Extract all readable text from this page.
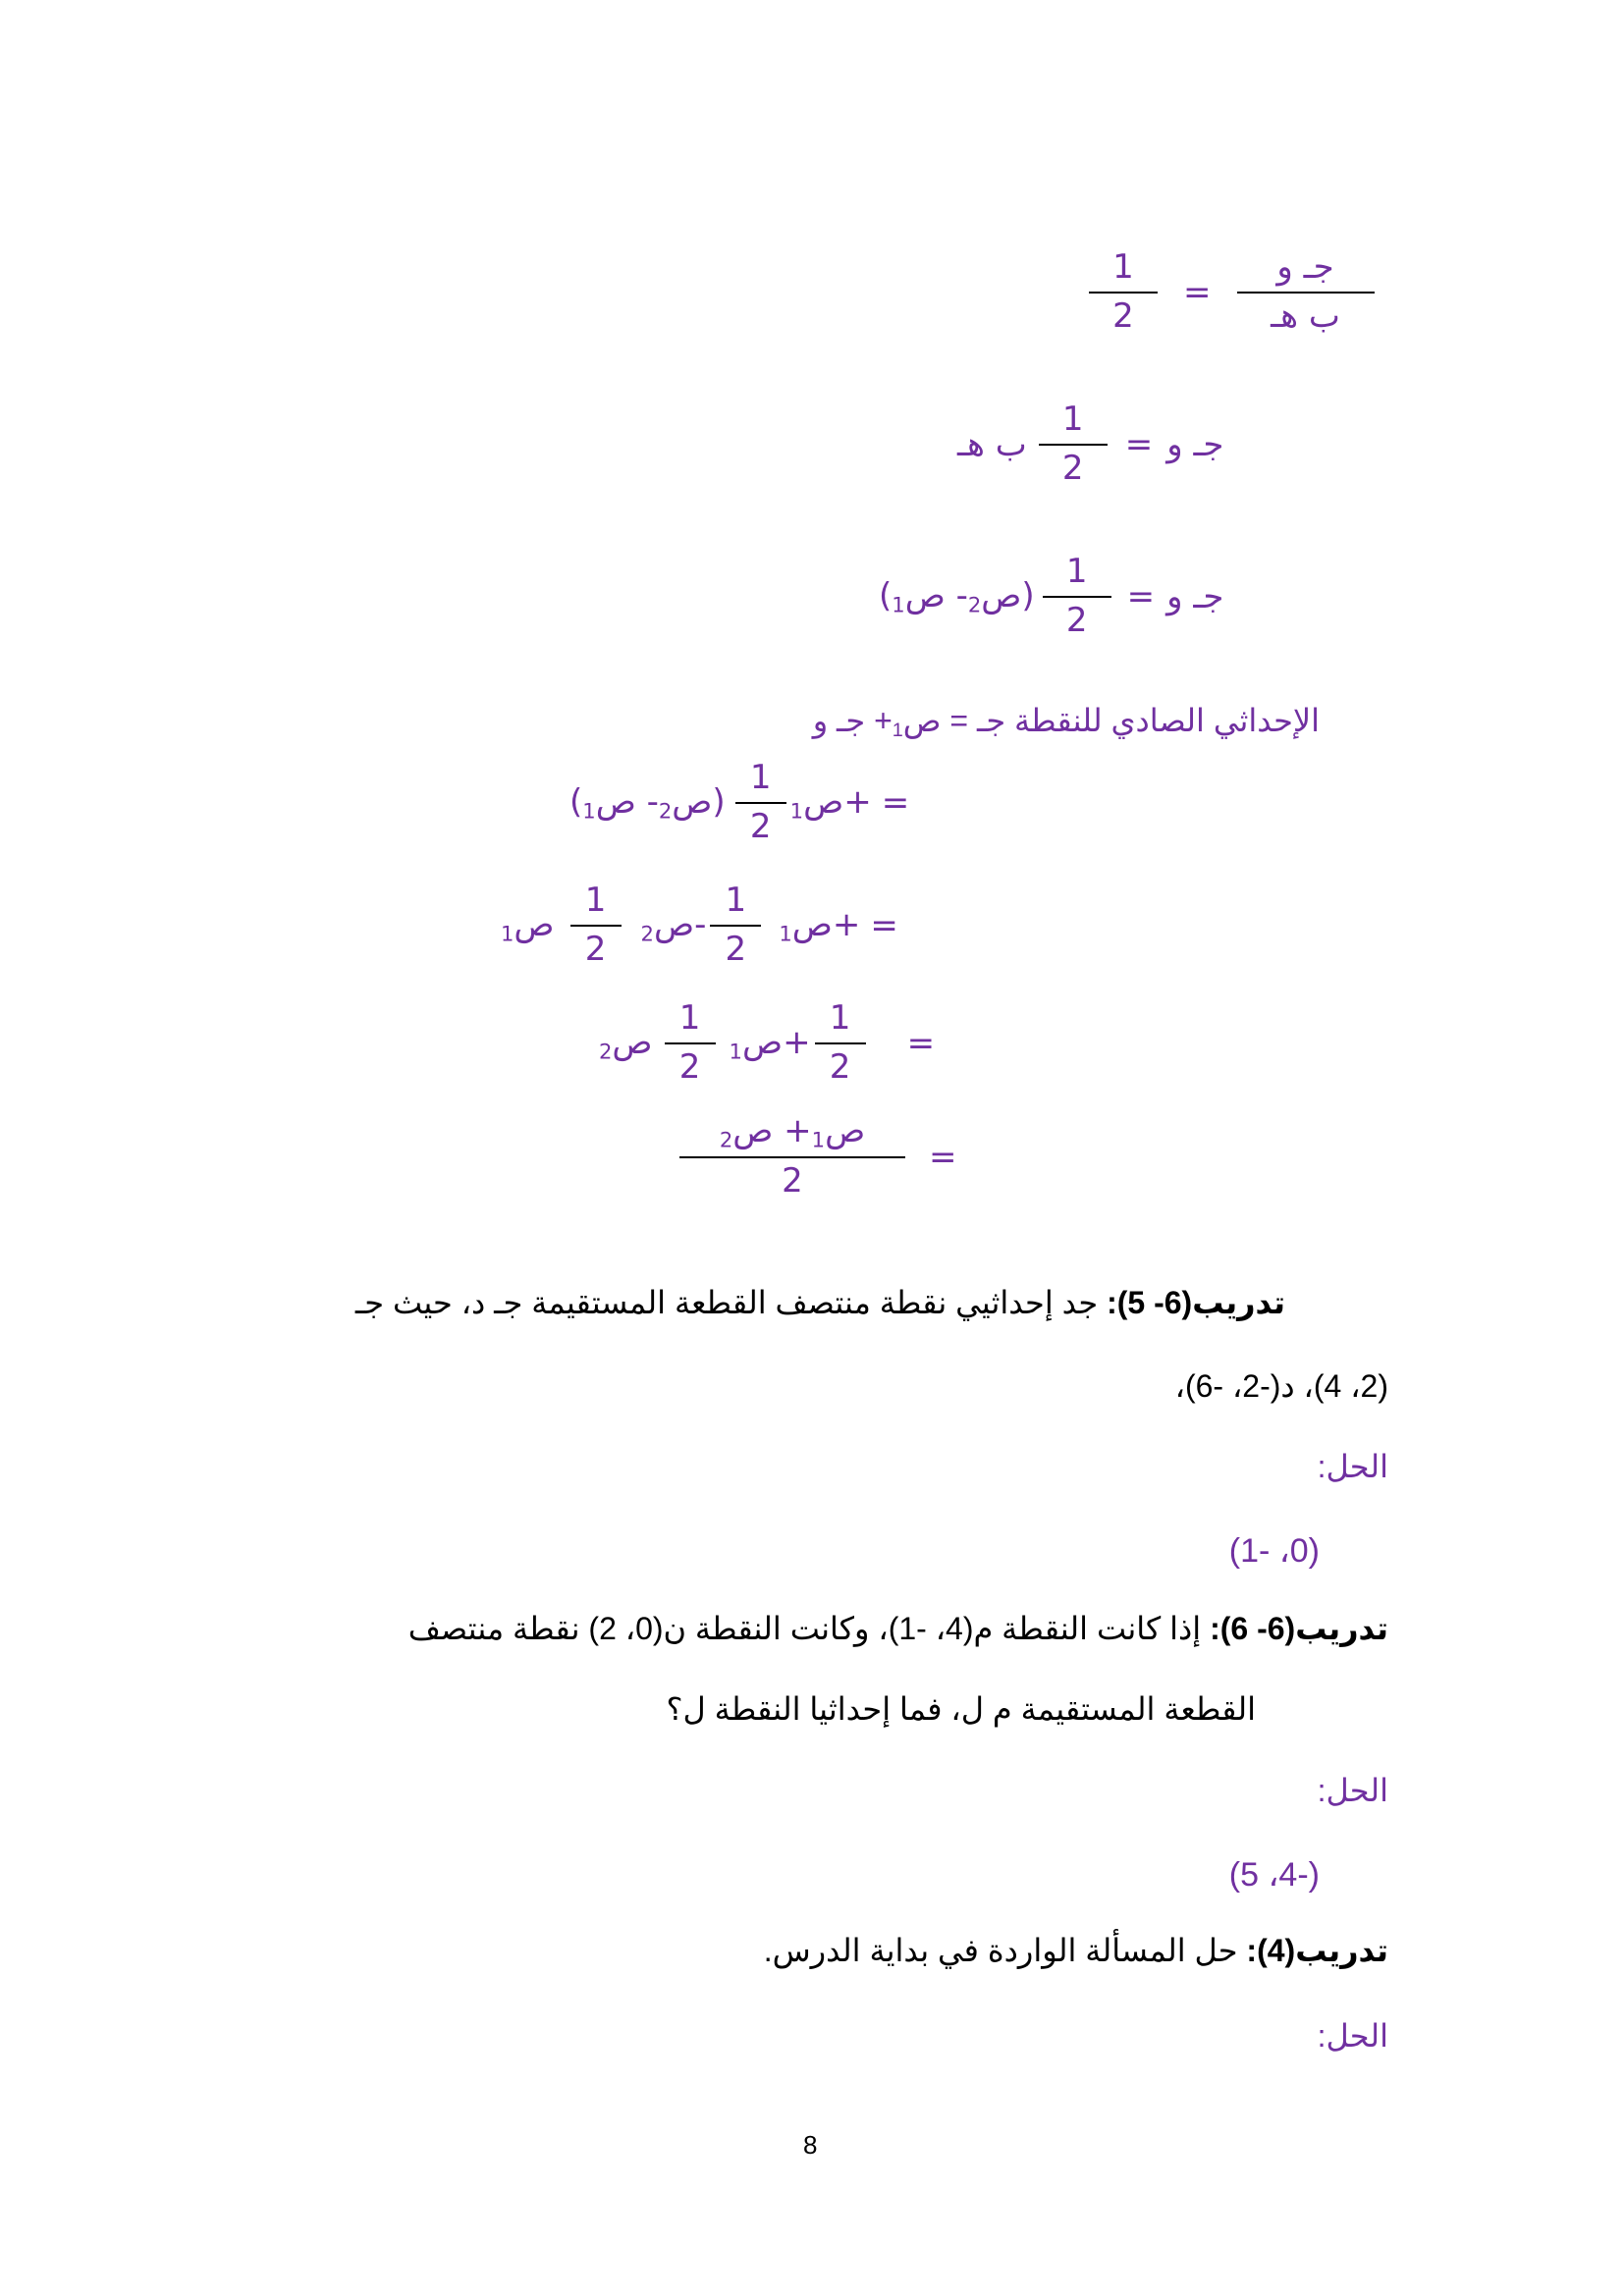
$\frac{1}{2} = \frac{\text{جـ و}}{\text{ب هـ}}$
ب هـ $\frac{1}{2}$ = جـ و
(ص$_2$- ص$_1$	) $\frac{1}{2}$ = جـ و
الإحداثي الصادي للنقطة جـ = ص$_1$+ جـ و
(ص$_2$- ص$_1$	) $\frac{1}{2}$ ص$_1$ + =
ص$_1$	$\frac{1}{2}$ ص$_2$ - $\frac{1}{2}$ ص$_1$ + =
ص$_2$	$\frac{1}{2}$ ص$_1$ + $\frac{1}{2}$ =
$\frac{ص_1+ ص_2}{2}$ =
تدريب(6- 5): جد إحداثيي نقطة منتصف القطعة المستقيمة جـ د، حيث جـ
(2، 4)، د(-2، -6)،
الحل:
(0، -1)
تدريب(6- 6): إذا كانت النقطة م(4، -1)، وكانت النقطة ن(0، 2) نقطة منتصف
القطعة المستقيمة م ل، فما إحداثيا النقطة ل؟
الحل:
(-4، 5)
تدريب(4): حل المسألة الواردة في بداية الدرس.
الحل:
8
